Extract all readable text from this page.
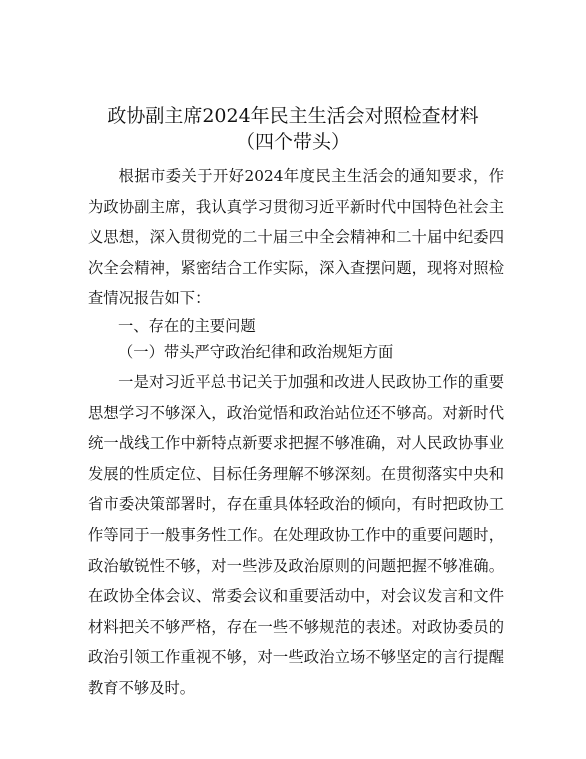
政协副主席2024年民主生活会对照检查材料
（四个带头）

根据市委关于开好2024年度民主生活会的通知要求，作为政协副主席，我认真学习贯彻习近平新时代中国特色社会主义思想，深入贯彻党的二十届三中全会精神和二十届中纪委四次全会精神，紧密结合工作实际，深入查摆问题，现将对照检查情况报告如下：

一、存在的主要问题

（一）带头严守政治纪律和政治规矩方面

一是对习近平总书记关于加强和改进人民政协工作的重要思想学习不够深入，政治觉悟和政治站位还不够高。对新时代统一战线工作中新特点新要求把握不够准确，对人民政协事业发展的性质定位、目标任务理解不够深刻。在贯彻落实中央和省市委决策部署时，存在重具体轻政治的倾向，有时把政协工作等同于一般事务性工作。在处理政协工作中的重要问题时，政治敏锐性不够，对一些涉及政治原则的问题把握不够准确。在政协全体会议、常委会议和重要活动中，对会议发言和文件材料把关不够严格，存在一些不够规范的表述。对政协委员的政治引领工作重视不够，对一些政治立场不够坚定的言行提醒教育不够及时。
